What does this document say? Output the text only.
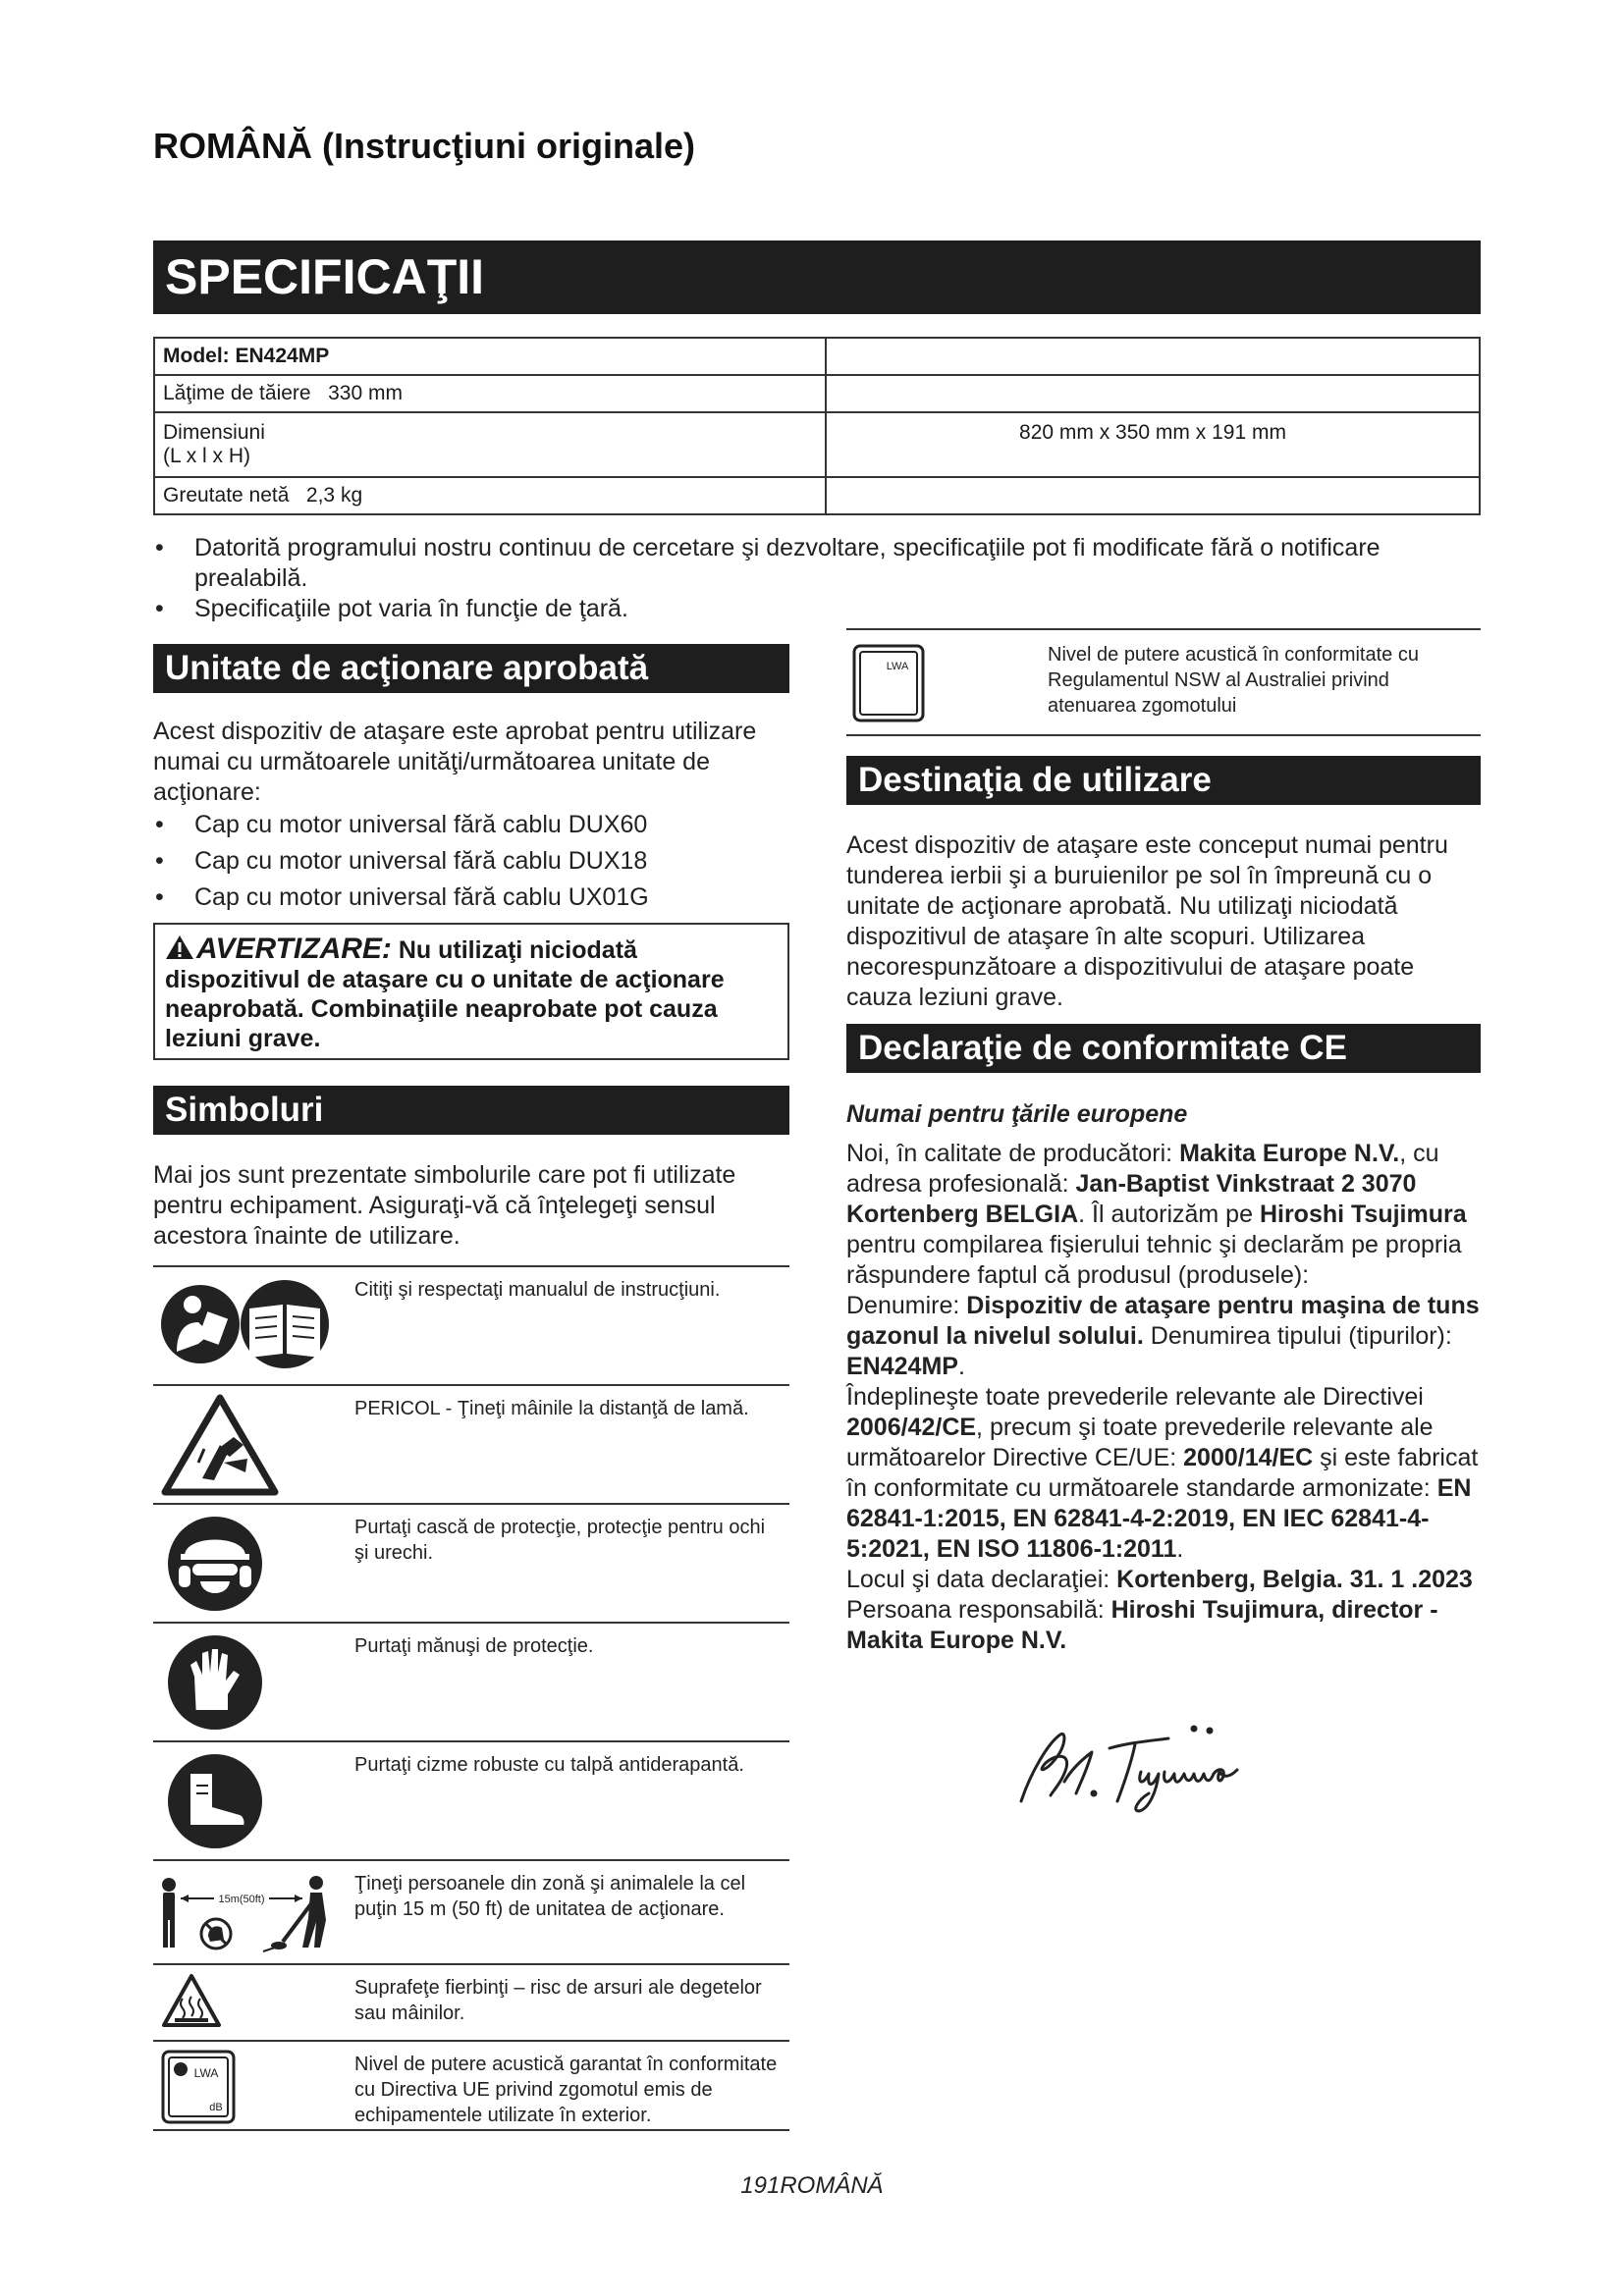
ROMÂNĂ (Instrucţiuni originale)
SPECIFICAŢII
Model: EN424MP	
Lăţime de tăiere   330 mm	

Dimensiuni
(L x l x H)	820 mm x 350 mm x 191 mm
Greutate netă   2,3 kg	
• Datorită programului nostru continuu de cercetare şi dezvoltare, specificaţiile pot fi modificate fără o notificare prealabilă.
• Specificaţiile pot varia în funcţie de ţară.
Unitate de acţionare aprobată
Acest dispozitiv de ataşare este aprobat pentru utilizare numai cu următoarele unităţi/următoarea unitate de acţionare:
• Cap cu motor universal fără cablu DUX60
• Cap cu motor universal fără cablu DUX18
• Cap cu motor universal fără cablu UX01G
AVERTIZARE: Nu utilizaţi niciodată dispozitivul de ataşare cu o unitate de acţionare neaprobată. Combinaţiile neaprobate pot cauza leziuni grave.
Simboluri
Mai jos sunt prezentate simbolurile care pot fi utilizate pentru echipament. Asiguraţi-vă că înţelegeţi sensul acestora înainte de utilizare.
Citiţi şi respectaţi manualul de instrucţiuni.
PERICOL - Ţineţi mâinile la distanţă de lamă.
Purtaţi cască de protecţie, protecţie pentru ochi şi urechi.
Purtaţi mănuşi de protecţie.
Purtaţi cizme robuste cu talpă antiderapantă.
15m(50ft)
Ţineţi persoanele din zonă şi animalele la cel puţin 15 m (50 ft) de unitatea de acţionare.
Suprafeţe fierbinţi – risc de arsuri ale degetelor sau mâinilor.
LWA
dB
Nivel de putere acustică garantat în conformitate cu Directiva UE privind zgomotul emis de echipamentele utilizate în exterior.
LWA
Nivel de putere acustică în conformitate cu Regulamentul NSW al Australiei privind atenuarea zgomotului
Destinaţia de utilizare
Acest dispozitiv de ataşare este conceput numai pentru tunderea ierbii şi a buruienilor pe sol în împreună cu o unitate de acţionare aprobată. Nu utilizaţi niciodată dispozitivul de ataşare în alte scopuri. Utilizarea necorespunzătoare a dispozitivului de ataşare poate cauza leziuni grave.
Declaraţie de conformitate CE
Numai pentru ţările europene
Noi, în calitate de producători: Makita Europe N.V., cu adresa profesională: Jan-Baptist Vinkstraat 2 3070 Kortenberg BELGIA. Îl autorizăm pe Hiroshi Tsujimura pentru compilarea fişierului tehnic şi declarăm pe propria răspundere faptul că produsul (produsele):
Denumire: Dispozitiv de ataşare pentru maşina de tuns gazonul la nivelul solului. Denumirea tipului (tipurilor): EN424MP.
Îndeplineşte toate prevederile relevante ale Directivei 2006/42/CE, precum şi toate prevederile relevante ale următoarelor Directive CE/UE: 2000/14/EC şi este fabricat în conformitate cu următoarele standarde armonizate: EN 62841-1:2015, EN 62841-4-2:2019, EN IEC 62841-4-5:2021, EN ISO 11806-1:2011.
Locul şi data declaraţiei: Kortenberg, Belgia. 31. 1 .2023
Persoana responsabilă: Hiroshi Tsujimura, director - Makita Europe N.V.
191ROMÂNĂ
